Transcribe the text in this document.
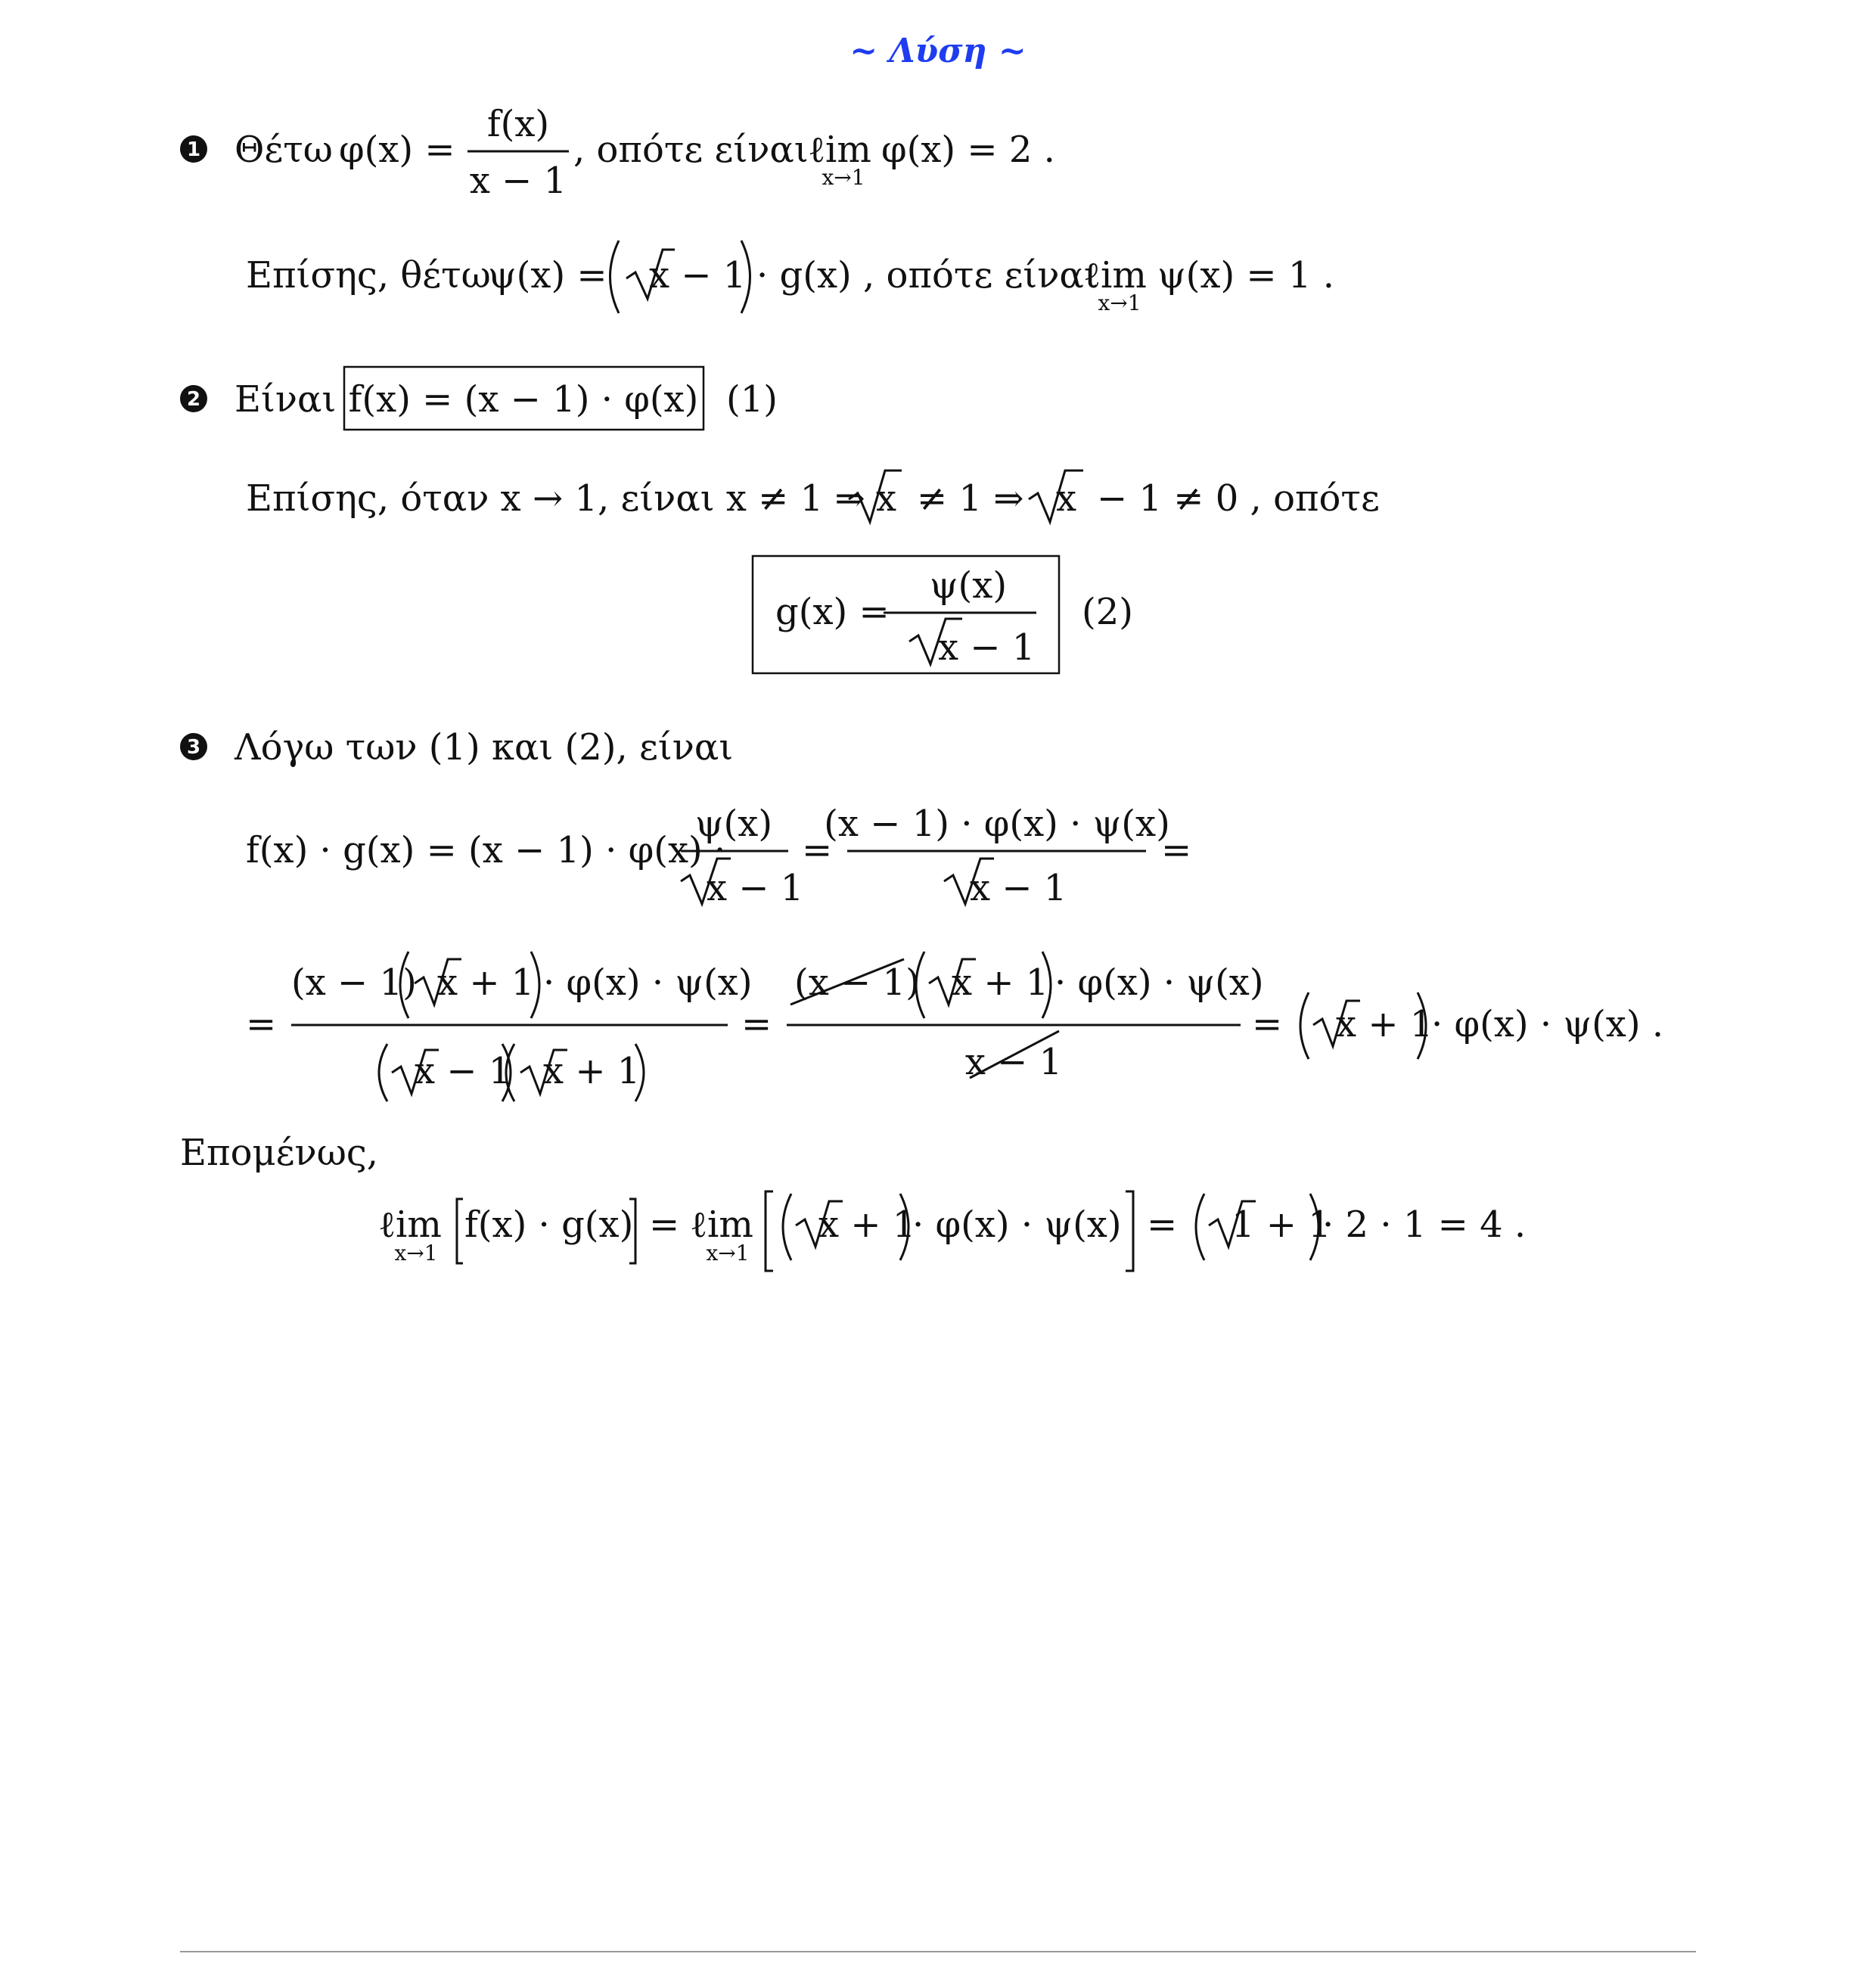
~ Λύση ~
1 Θέτω φ(x) =
f(x)
x − 1
, οπότε είναι ℓim
x→1
φ(x) = 2 .
Επίσης, θέτω
ψ(x) = x − 1 · g(x) , οπότε είναι
ℓim
x→1
ψ(x) = 1 .
2 Είναι f(x) = (x − 1) · φ(x) (1)
Επίσης, όταν x → 1, είναι x ≠ 1 ⇒ x ≠ 1 ⇒ x − 1 ≠ 0 , οπότε
g(x) =
ψ(x)
x − 1
(2)
3 Λόγω των (1) και (2), είναι
f(x) · g(x) = (x − 1) · φ(x) ·
ψ(x)
x − 1
=
(x − 1) · φ(x) · ψ(x)
x − 1
=
=
(x − 1) x + 1 · φ(x) · ψ(x)
x − 1 x + 1
=
(x − 1) x + 1 · φ(x) · ψ(x)
x − 1
= x + 1
· φ(x) · ψ(x) .
Επομένως,
ℓim
x→1
f(x) · g(x) = ℓim
x→1
x + 1
· φ(x) · ψ(x) = 1 + 1
· 2 · 1 = 4 .
